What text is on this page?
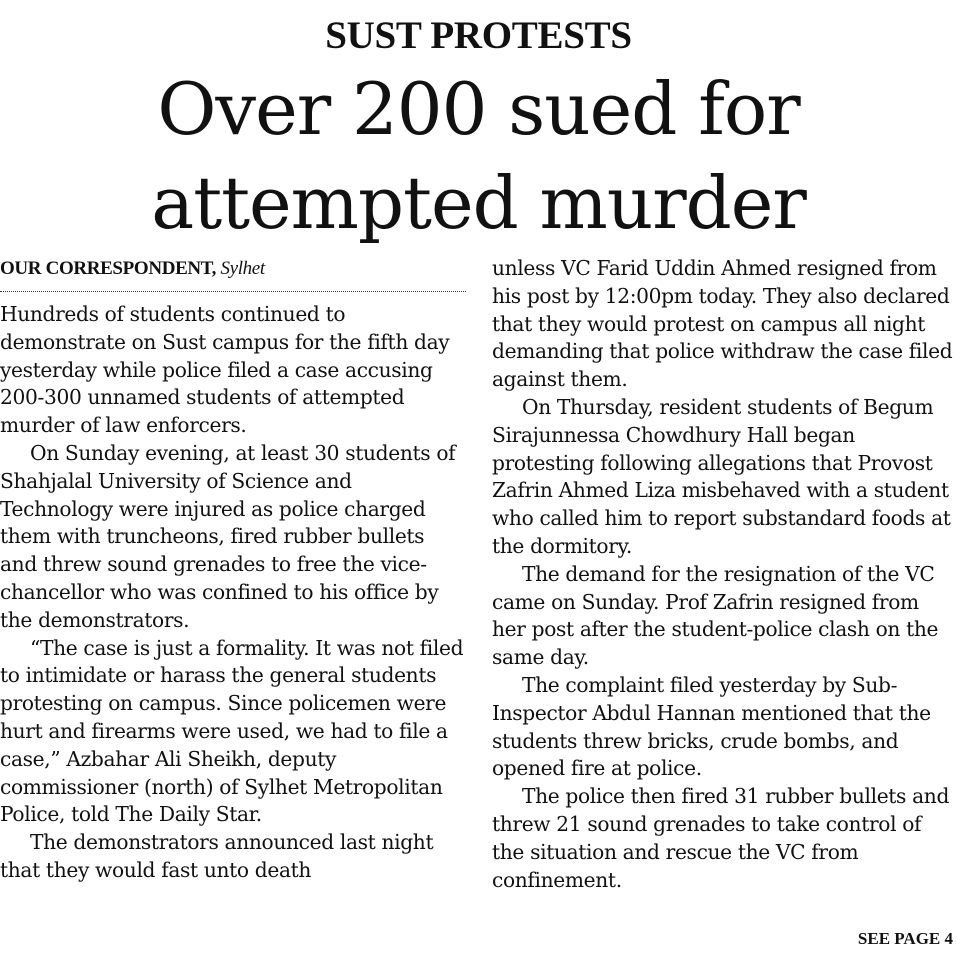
SUST PROTESTS
Over 200 sued for
attempted murder
OUR CORRESPONDENT, Sylhet

Hundreds of students continued to demonstrate on Sust campus for the fifth day yesterday while police filed a case accusing 200-300 unnamed students of attempted murder of law enforcers.

On Sunday evening, at least 30 students of Shahjalal University of Science and Technology were injured as police charged them with truncheons, fired rubber bullets and threw sound grenades to free the vice-chancellor who was confined to his office by the demonstrators.

“The case is just a formality. It was not filed to intimidate or harass the general students protesting on campus. Since policemen were hurt and firearms were used, we had to file a case,” Azbahar Ali Sheikh, deputy commissioner (north) of Sylhet Metropolitan Police, told The Daily Star.

The demonstrators announced last night that they would fast unto death

unless VC Farid Uddin Ahmed resigned from his post by 12:00pm today. They also declared that they would protest on campus all night demanding that police withdraw the case filed against them.

On Thursday, resident students of Begum Sirajunnessa Chowdhury Hall began protesting following allegations that Provost Zafrin Ahmed Liza misbehaved with a student who called him to report substandard foods at the dormitory.

The demand for the resignation of the VC came on Sunday. Prof Zafrin resigned from her post after the student-police clash on the same day.

The complaint filed yesterday by Sub-Inspector Abdul Hannan mentioned that the students threw bricks, crude bombs, and opened fire at police.

The police then fired 31 rubber bullets and threw 21 sound grenades to take control of the situation and rescue the VC from confinement.

SEE PAGE 4
